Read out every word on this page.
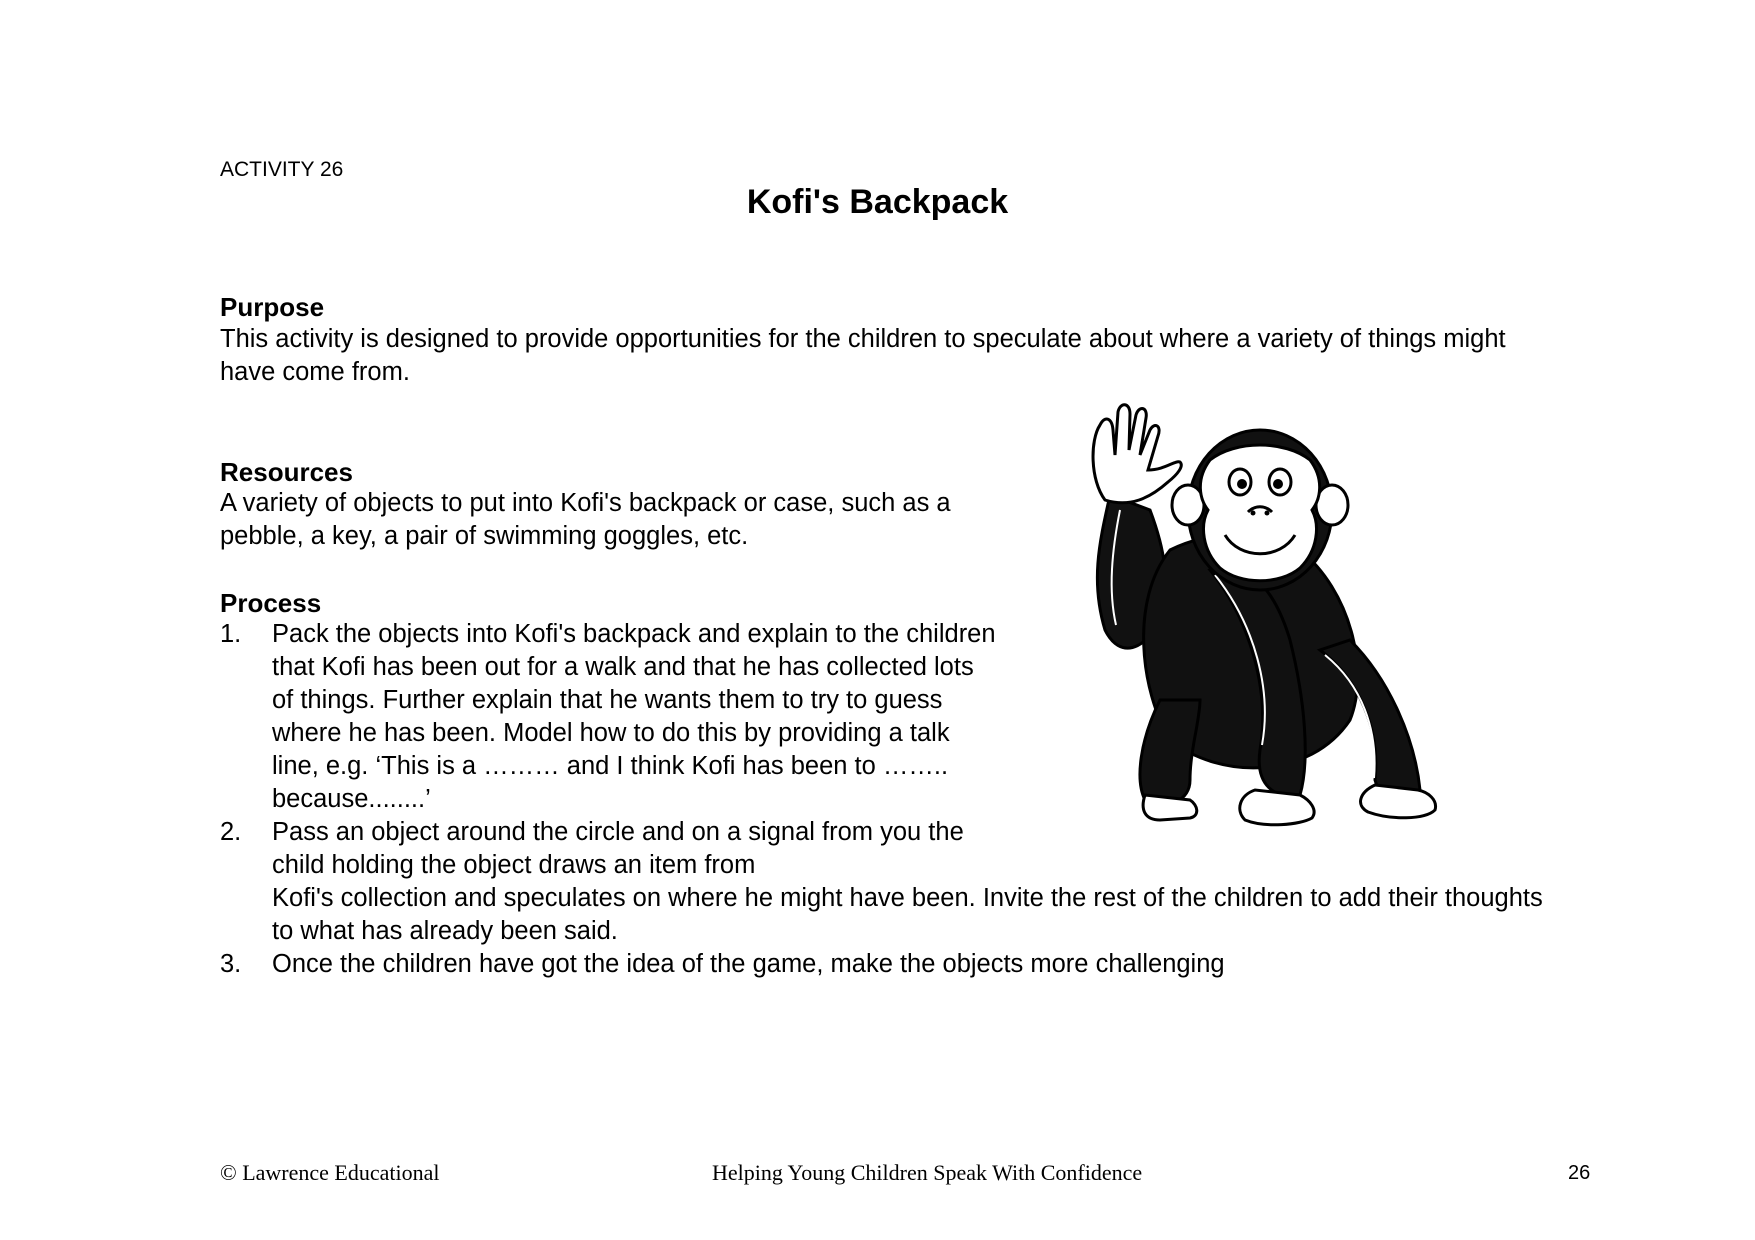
ACTIVITY 26
Kofi's Backpack
Purpose

This activity is designed to provide opportunities for the children to speculate about where a variety of things might have come from.

Resources

A variety of objects to put into Kofi's backpack or case, such as a pebble, a key, a pair of swimming goggles, etc.

Process
1. Pack the objects into Kofi's backpack and explain to the children that Kofi has been out for a walk and that he has collected lots of things. Further explain that he wants them to try to guess where he has been. Model how to do this by providing a talk line, e.g. ‘This is a ……… and I think Kofi has been to …….. because........’
2. Pass an object around the circle and on a signal from you the child holding the object draws an item from
Kofi's collection and speculates on where he might have been. Invite the rest of the children to add their thoughts to what has already been said.
3. Once the children have got the idea of the game, make the objects more challenging
© Lawrence Educational	Helping Young Children Speak With Confidence	26
